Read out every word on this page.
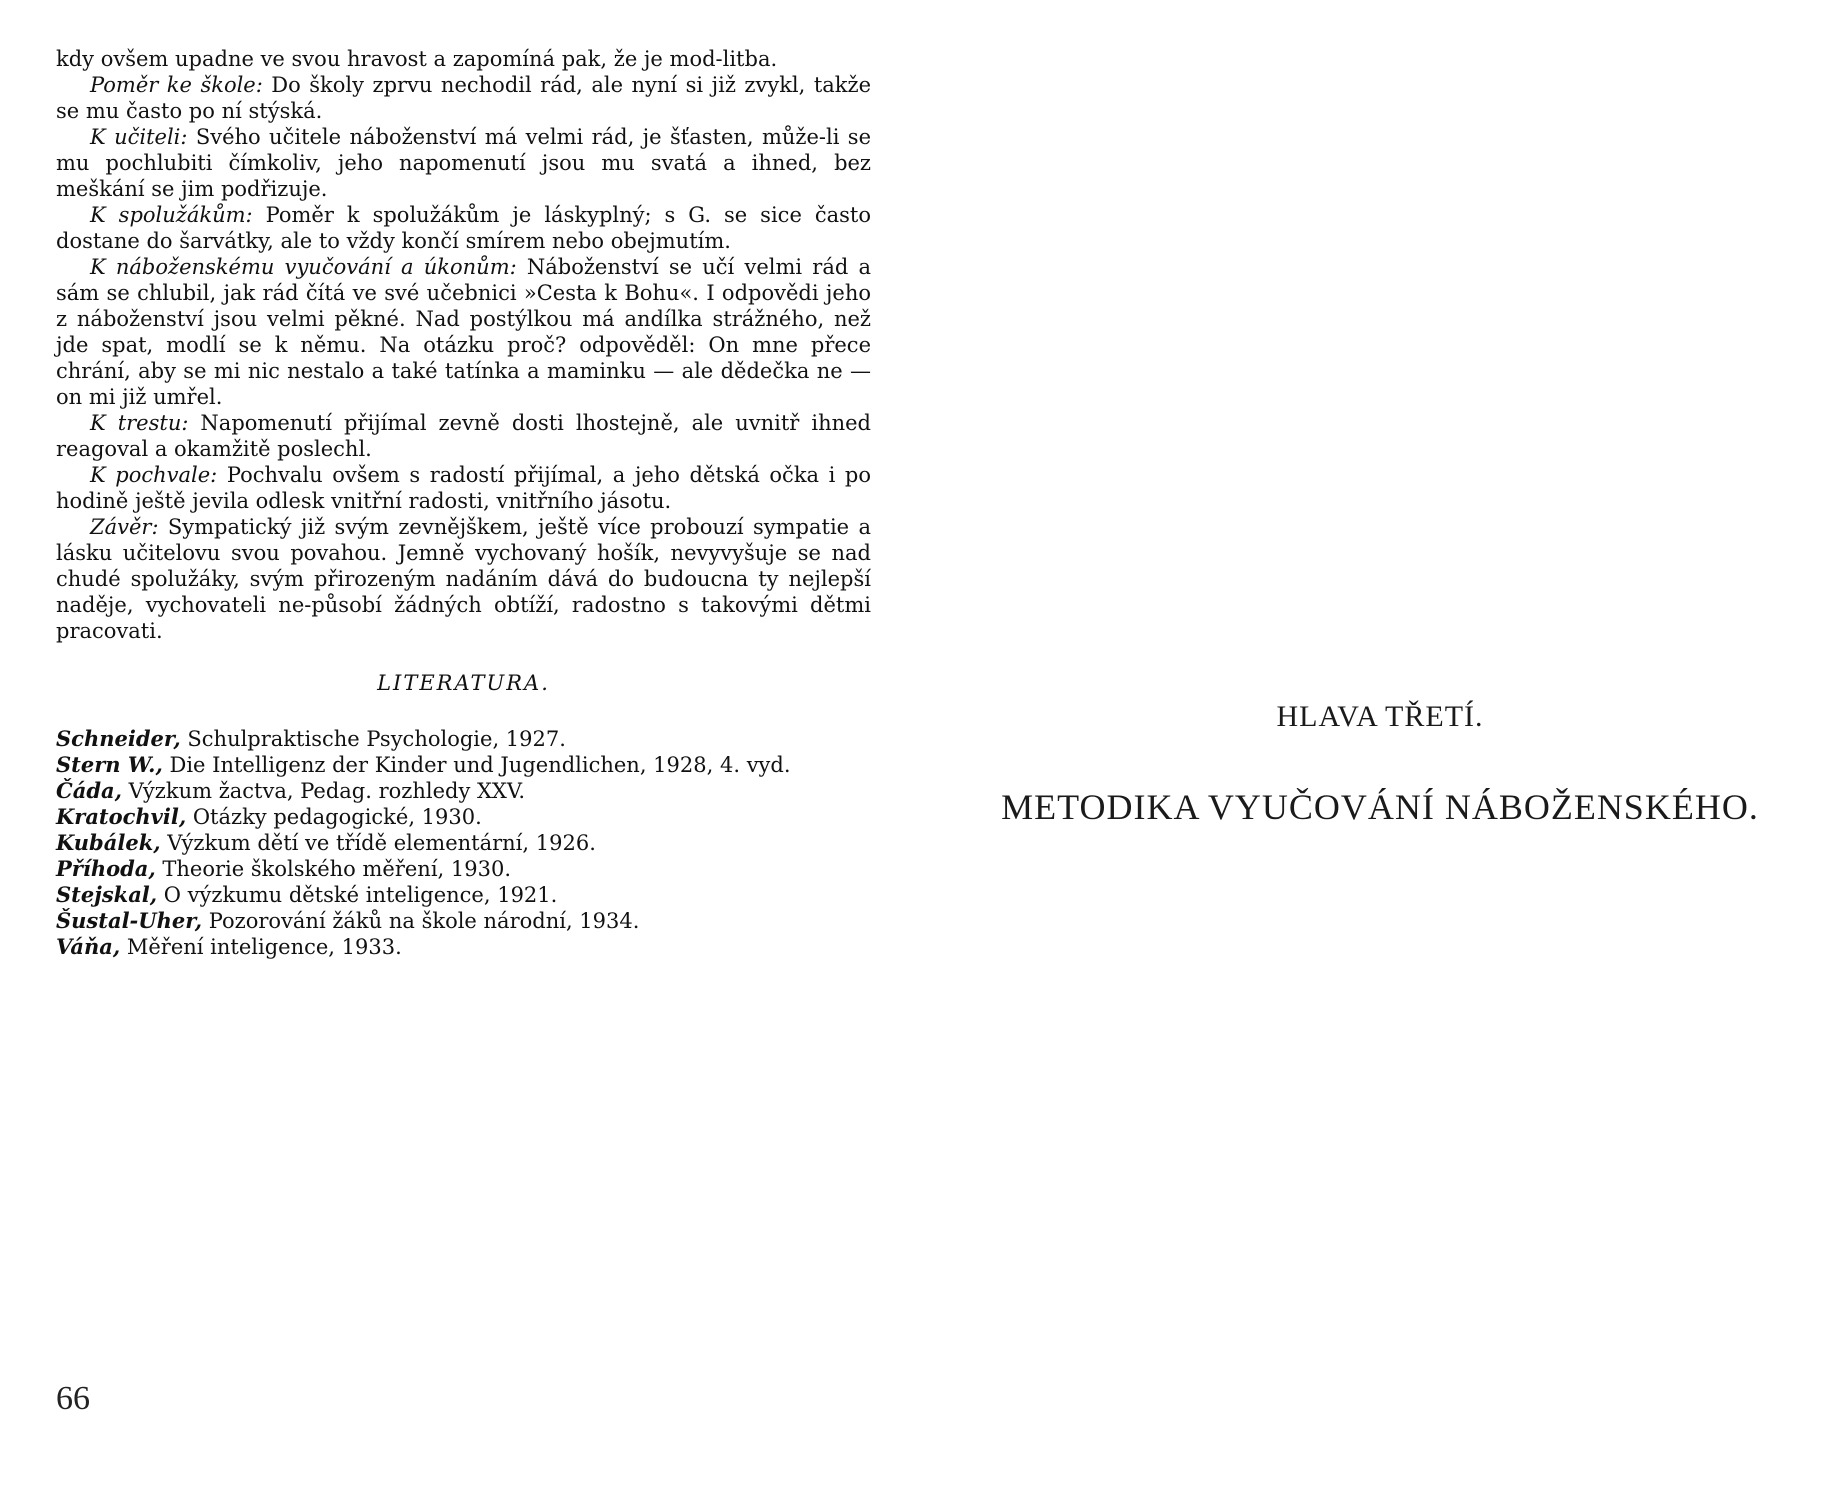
kdy ovšem upadne ve svou hravost a zapomíná pak, že je mod-litba.

Poměr ke škole: Do školy zprvu nechodil rád, ale nyní si již zvykl, takže se mu často po ní stýská.

K učiteli: Svého učitele náboženství má velmi rád, je šťasten, může-li se mu pochlubiti čímkoliv, jeho napomenutí jsou mu svatá a ihned, bez meškání se jim podřizuje.

K spolužákům: Poměr k spolužákům je láskyplný; s G. se sice často dostane do šarvátky, ale to vždy končí smírem nebo obejmutím.

K náboženskému vyučování a úkonům: Náboženství se učí velmi rád a sám se chlubil, jak rád čítá ve své učebnici »Cesta k Bohu«. I odpovědi jeho z náboženství jsou velmi pěkné. Nad postýlkou má andílka strážného, než jde spat, modlí se k němu. Na otázku proč? odpověděl: On mne přece chrání, aby se mi nic nestalo a také tatínka a maminku — ale dědečka ne — on mi již umřel.

K trestu: Napomenutí přijímal zevně dosti lhostejně, ale uvnitř ihned reagoval a okamžitě poslechl.

K pochvale: Pochvalu ovšem s radostí přijímal, a jeho dětská očka i po hodině ještě jevila odlesk vnitřní radosti, vnitřního jásotu.

Závěr: Sympatický již svým zevnějškem, ještě více probouzí sympatie a lásku učitelovu svou povahou. Jemně vychovaný hošík, nevyvyšuje se nad chudé spolužáky, svým přirozeným nadáním dává do budoucna ty nejlepší naděje, vychovateli ne-působí žádných obtíží, radostno s takovými dětmi pracovati.

LITERATURA.
Schneider, Schulpraktische Psychologie, 1927.
Stern W., Die Intelligenz der Kinder und Jugendlichen, 1928, 4. vyd.
Čáda, Výzkum žactva, Pedag. rozhledy XXV.
Kratochvil, Otázky pedagogické, 1930.
Kubálek, Výzkum dětí ve třídě elementární, 1926.
Příhoda, Theorie školského měření, 1930.
Stejskal, O výzkumu dětské inteligence, 1921.
Šustal-Uher, Pozorování žáků na škole národní, 1934.
Váňa, Měření inteligence, 1933.
66
HLAVA TŘETÍ.
METODIKA VYUČOVÁNÍ NÁBOŽENSKÉHO.
